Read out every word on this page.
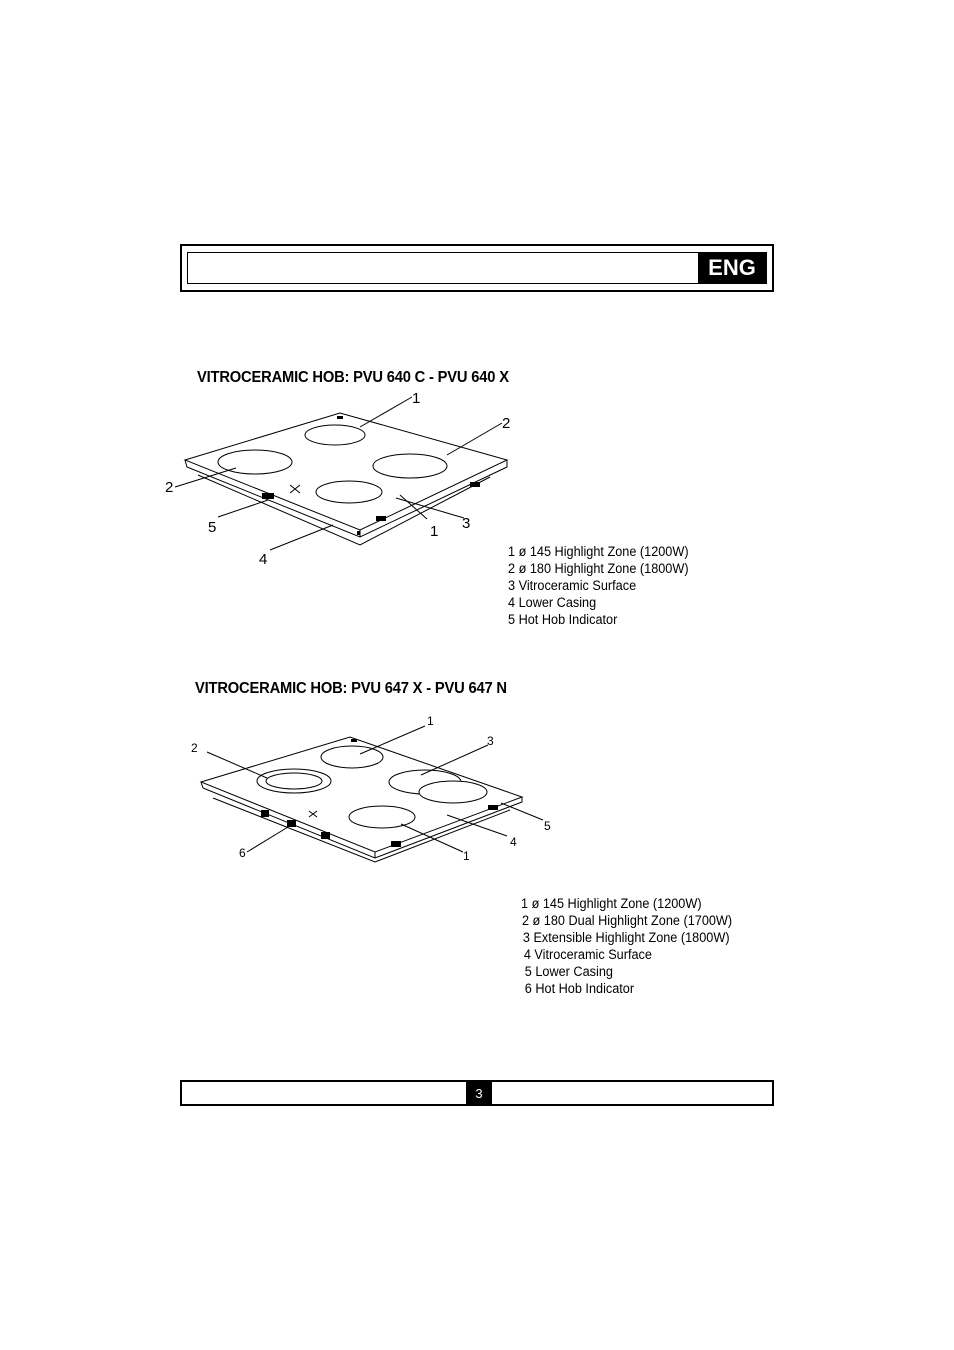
ENG
VITROCERAMIC HOB: PVU 640 C - PVU 640 X
1
2
2
5
4
1 3
1 ø 145 Highlight Zone (1200W)
2 ø 180 Highlight Zone (1800W)
3 Vitroceramic Surface
4 Lower Casing
5 Hot Hob Indicator
VITROCERAMIC HOB: PVU 647 X - PVU 647 N
1
2	3
5
4
6	1
1 ø 145 Highlight Zone (1200W)
2 ø 180 Dual Highlight Zone (1700W)
3 Extensible Highlight Zone (1800W)
4 Vitroceramic Surface
5 Lower Casing
6 Hot Hob Indicator
3
